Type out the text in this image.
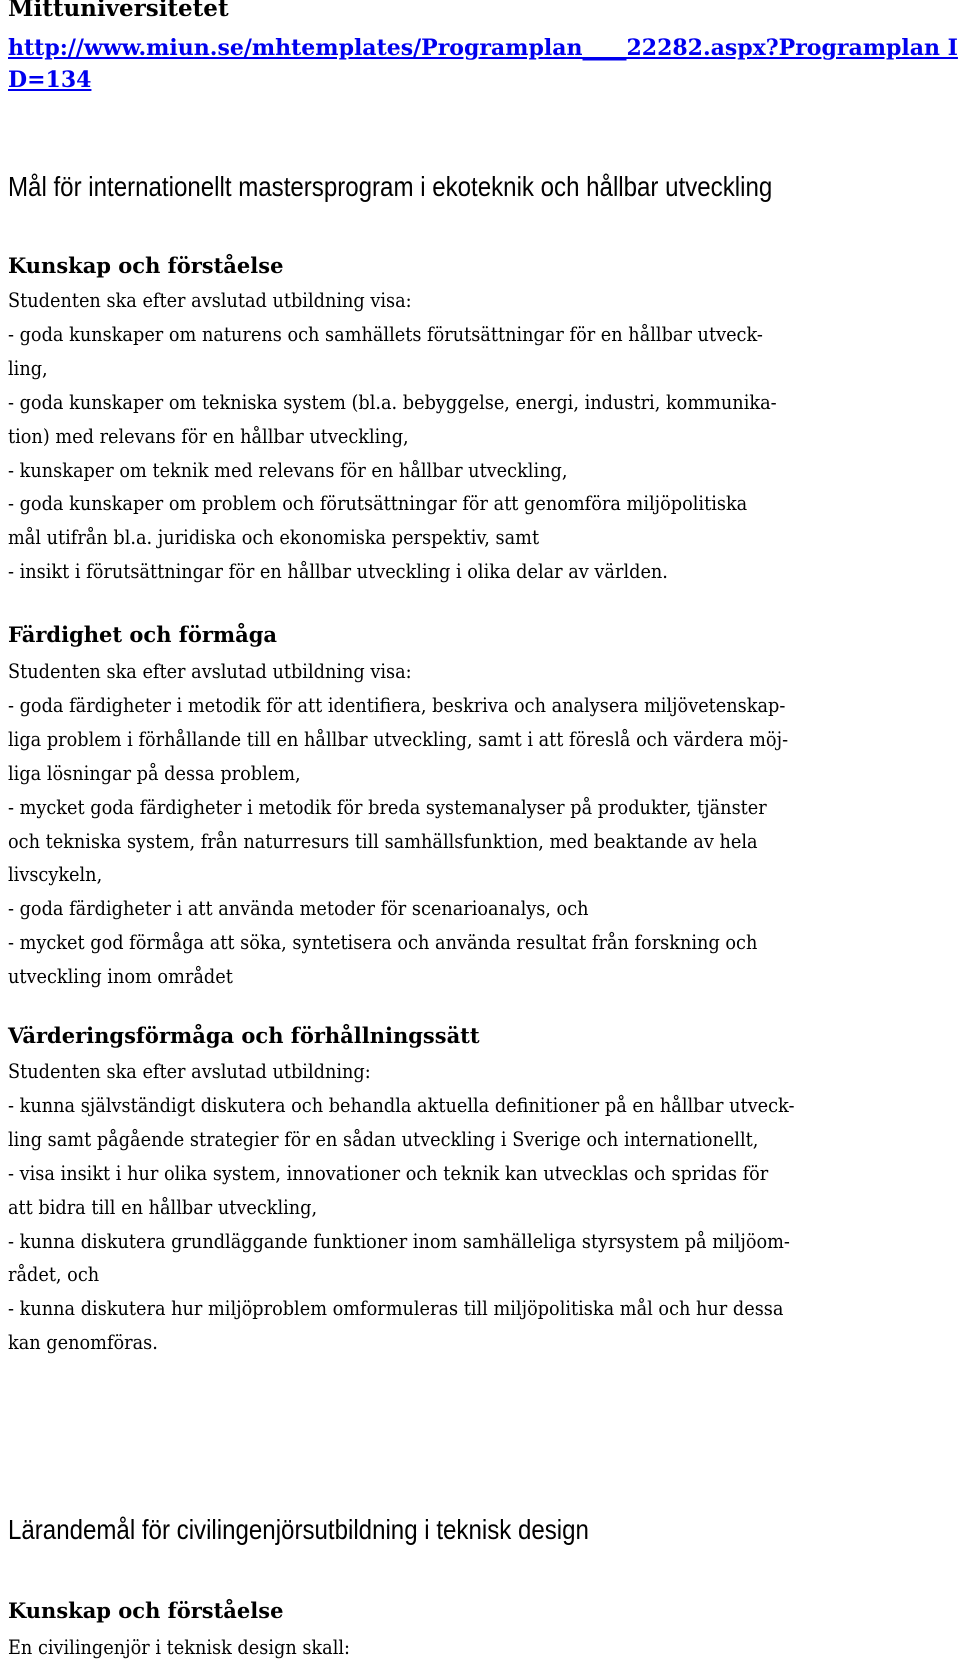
Mittuniversitetet
http://www.miun.se/mhtemplates/Programplan____22282.aspx?Programplan ID=134
Mål för internationellt mastersprogram i ekoteknik och hållbar utveckling
Kunskap och förståelse
Studenten ska efter avslutad utbildning visa:
- goda kunskaper om naturens och samhällets förutsättningar för en hållbar utveck-
ling,
- goda kunskaper om tekniska system (bl.a. bebyggelse, energi, industri, kommunika-
tion) med relevans för en hållbar utveckling,
- kunskaper om teknik med relevans för en hållbar utveckling,
- goda kunskaper om problem och förutsättningar för att genomföra miljöpolitiska
mål utifrån bl.a. juridiska och ekonomiska perspektiv, samt
- insikt i förutsättningar för en hållbar utveckling i olika delar av världen.
Färdighet och förmåga
Studenten ska efter avslutad utbildning visa:
- goda färdigheter i metodik för att identifiera, beskriva och analysera miljövetenskap-
liga problem i förhållande till en hållbar utveckling, samt i att föreslå och värdera möj-
liga lösningar på dessa problem,
- mycket goda färdigheter i metodik för breda systemanalyser på produkter, tjänster
och tekniska system, från naturresurs till samhällsfunktion, med beaktande av hela
livscykeln,
- goda färdigheter i att använda metoder för scenarioanalys, och
- mycket god förmåga att söka, syntetisera och använda resultat från forskning och
utveckling inom området
Värderingsförmåga och förhållningssätt
Studenten ska efter avslutad utbildning:
- kunna självständigt diskutera och behandla aktuella definitioner på en hållbar utveck-
ling samt pågående strategier för en sådan utveckling i Sverige och internationellt,
- visa insikt i hur olika system, innovationer och teknik kan utvecklas och spridas för
att bidra till en hållbar utveckling,
- kunna diskutera grundläggande funktioner inom samhälleliga styrsystem på miljöom-
rådet, och
- kunna diskutera hur miljöproblem omformuleras till miljöpolitiska mål och hur dessa
kan genomföras.
Lärandemål för civilingenjörsutbildning i teknisk design
Kunskap och förståelse
En civilingenjör i teknisk design skall:
